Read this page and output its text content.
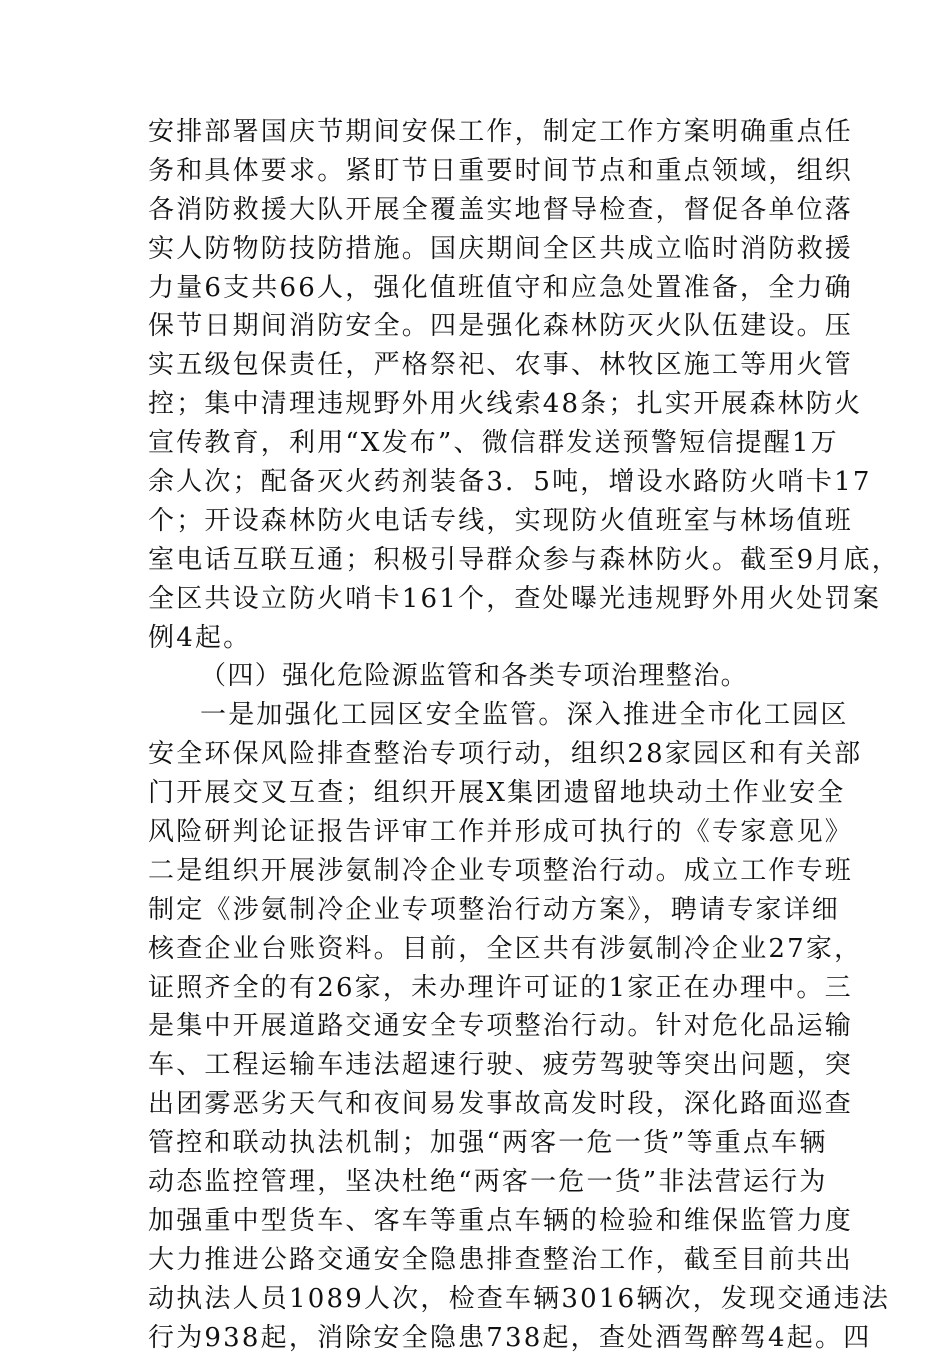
安排部署国庆节期间安保工作，制定工作方案明确重点任
务和具体要求。紧盯节日重要时间节点和重点领域，组织
各消防救援大队开展全覆盖实地督导检查，督促各单位落
实人防物防技防措施。国庆期间全区共成立临时消防救援
力量6支共66人，强化值班值守和应急处置准备，全力确
保节日期间消防安全。四是强化森林防灭火队伍建设。压
实五级包保责任，严格祭祀、农事、林牧区施工等用火管
控；集中清理违规野外用火线索48条；扎实开展森林防火
宣传教育，利用“X发布”、微信群发送预警短信提醒1万
余人次；配备灭火药剂装备3．5吨，增设水路防火哨卡17
个；开设森林防火电话专线，实现防火值班室与林场值班
室电话互联互通；积极引导群众参与森林防火。截至9月底，
全区共设立防火哨卡161个，查处曝光违规野外用火处罚案
例4起。
（四）强化危险源监管和各类专项治理整治。
一是加强化工园区安全监管。深入推进全市化工园区
安全环保风险排查整治专项行动，组织28家园区和有关部
门开展交叉互查；组织开展X集团遗留地块动土作业安全
风险研判论证报告评审工作并形成可执行的《专家意见》
二是组织开展涉氨制冷企业专项整治行动。成立工作专班
制定《涉氨制冷企业专项整治行动方案》，聘请专家详细
核查企业台账资料。目前，全区共有涉氨制冷企业27家，
证照齐全的有26家，未办理许可证的1家正在办理中。三
是集中开展道路交通安全专项整治行动。针对危化品运输
车、工程运输车违法超速行驶、疲劳驾驶等突出问题，突
出团雾恶劣天气和夜间易发事故高发时段，深化路面巡查
管控和联动执法机制；加强“两客一危一货”等重点车辆
动态监控管理，坚决杜绝“两客一危一货”非法营运行为
加强重中型货车、客车等重点车辆的检验和维保监管力度
大力推进公路交通安全隐患排查整治工作，截至目前共出
动执法人员1089人次，检查车辆3016辆次，发现交通违法
行为938起，消除安全隐患738起，查处酒驾醉驾4起。四
